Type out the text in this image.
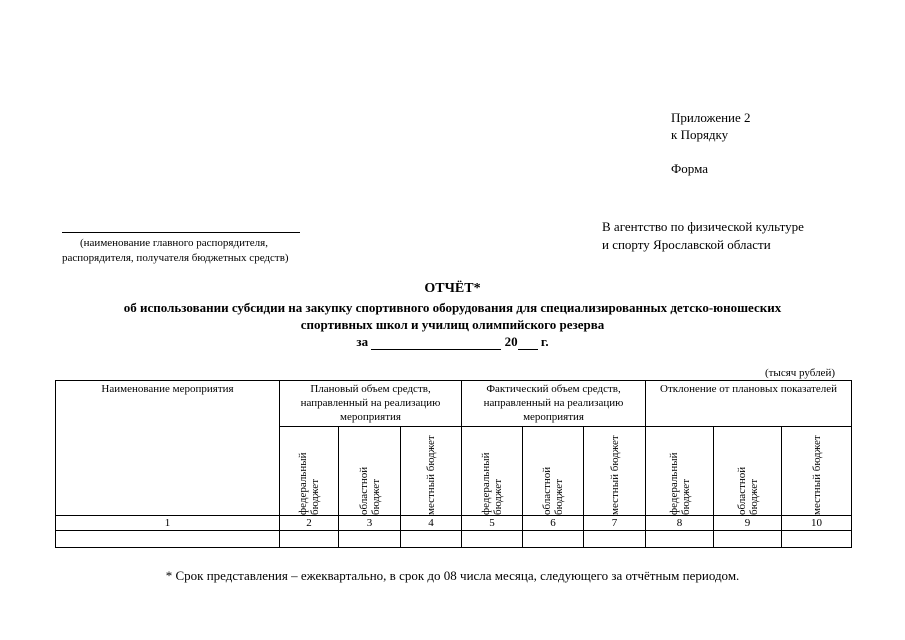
Приложение 2
к Порядку
Форма
(наименование главного распорядителя,
распорядителя, получателя бюджетных средств)
В агентство по физической культуре
и спорту Ярославской области
ОТЧЁТ*
об использовании субсидии на закупку спортивного оборудования для специализированных детско-юношеских
спортивных школ и училищ олимпийского резерва
за	20 г.
(тысяч рублей)
Наименование мероприятия	Плановый объем средств, направленный на реализацию мероприятия			Фактический объем средств, направленный на реализацию мероприятия			Отклонение от плановых показателей		

	федеральный бюджет	областной бюджет	местный бюджет	федеральный бюджет	областной бюджет	местный бюджет	федеральный бюджет	областной бюджет	местный бюджет

1	2	3	4	5	6	7	8	9	10

* Срок представления – ежеквартально, в срок до 08 числа месяца, следующего за отчётным периодом.
